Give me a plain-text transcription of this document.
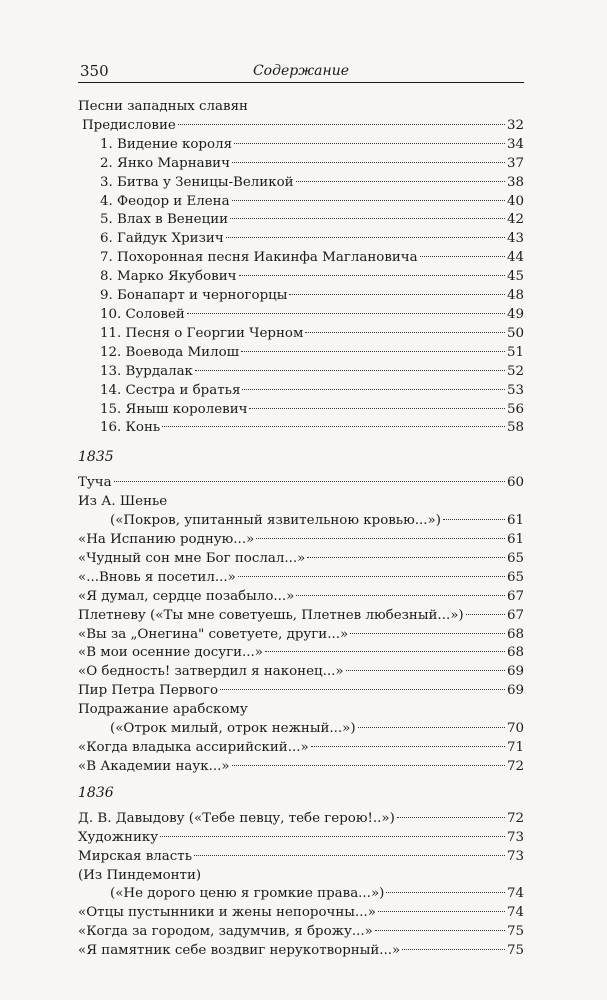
350	Содержание
Песни западных славян
Предисловие	32
1. Видение короля	34
2. Янко Марнавич	37
3. Битва у Зеницы-Великой	38
4. Феодор и Елена	40
5. Влах в Венеции	42
6. Гайдук Хризич	43
7. Похоронная песня Иакинфа Маглановича	44
8. Марко Якубович	45
9. Бонапарт и черногорцы	48
10. Соловей	49
11. Песня о Георгии Черном	50
12. Воевода Милош	51
13. Вурдалак	52
14. Сестра и братья	53
15. Яныш королевич	56
16. Конь	58
1835
Туча	60
Из А. Шенье
(«Покров, упитанный язвительною кровью...»)	61
«На Испанию родную...»	61
«Чудный сон мне Бог послал...»	65
«...Вновь я посетил...»	65
«Я думал, сердце позабыло...»	67
Плетневу («Ты мне советуешь, Плетнев любезный...»)	67
«Вы за „Онегина" советуете, други...»	68
«В мои осенние досуги...»	68
«О бедность! затвердил я наконец...»	69
Пир Петра Первого	69
Подражание арабскому
(«Отрок милый, отрок нежный...»)	70
«Когда владыка ассирийский...»	71
«В Академии наук...»	72
1836
Д. В. Давыдову («Тебе певцу, тебе герою!..»)	72
Художнику	73
Мирская власть	73
(Из Пиндемонти)
(«Не дорого ценю я громкие права...»)	74
«Отцы пустынники и жены непорочны...»	74
«Когда за городом, задумчив, я брожу...»	75
«Я памятник себе воздвиг нерукотворный...»	75
